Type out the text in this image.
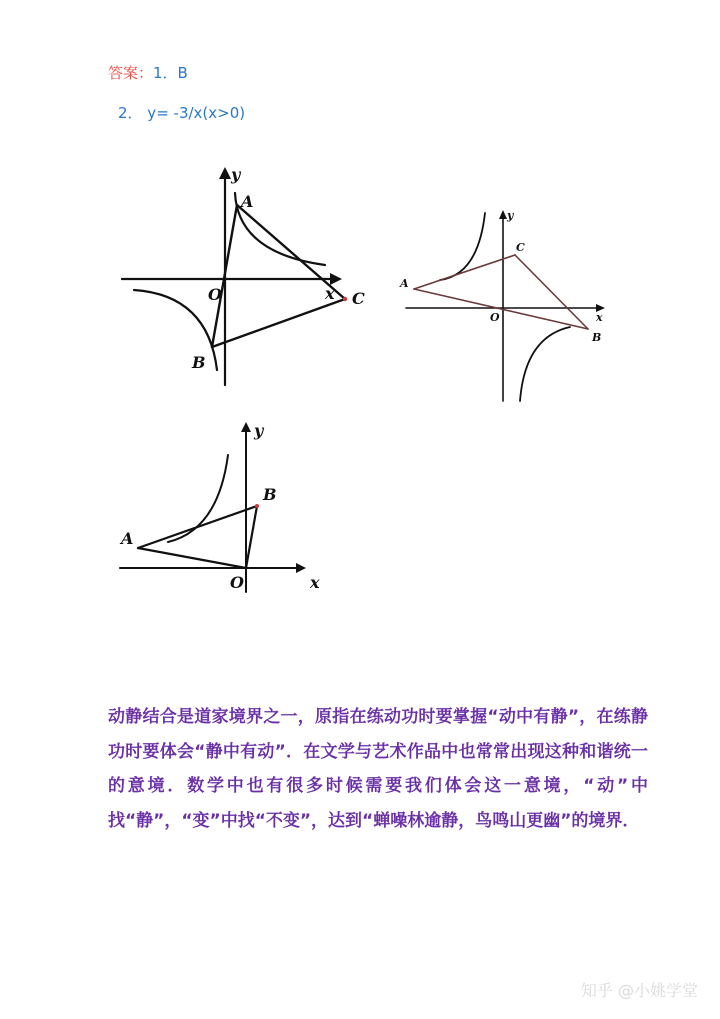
答案：1．B
2． y= -3/x(x>0)
y
A
O	x C
B
y
C
A
O	x
B
y
B
A
O	x
动静结合是道家境界之一，原指在练动功时要掌握“动中有静”，在练静功时要体会“静中有动”．在文学与艺术作品中也常常出现这种和谐统一的意境．数学中也有很多时候需要我们体会这一意境，“动”中找“静”，“变”中找“不变”，达到“蝉噪林逾静，鸟鸣山更幽”的境界．
知乎 @小姚学堂
